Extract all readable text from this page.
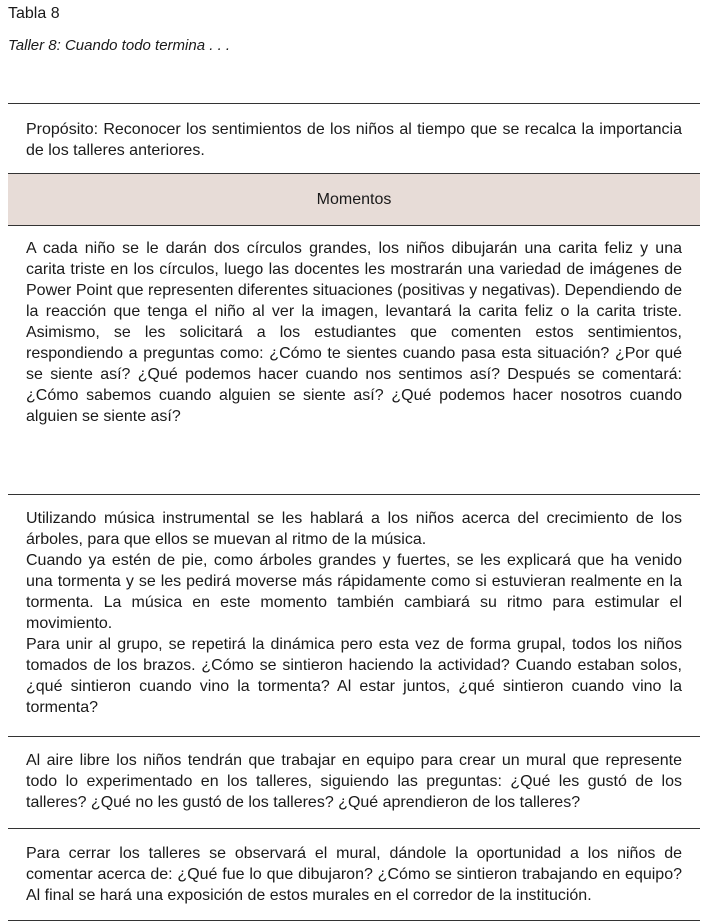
Tabla 8
Taller 8: Cuando todo termina . . .
Propósito: Reconocer los sentimientos de los niños al tiempo que se recalca la importancia de los talleres anteriores.
Momentos

A cada niño se le darán dos círculos grandes, los niños dibujarán una carita feliz y una carita triste en los círculos, luego las docentes les mostrarán una variedad de imágenes de Power Point que representen diferentes situaciones (positivas y negativas). Dependiendo de la reacción que tenga el niño al ver la imagen, levantará la carita feliz o la carita triste. Asimismo, se les solicitará a los estudiantes que comenten estos sentimientos, respondiendo a preguntas como: ¿Cómo te sientes cuando pasa esta situación? ¿Por qué se siente así? ¿Qué podemos hacer cuando nos sentimos así? Después se comentará: ¿Cómo sabemos cuando alguien se siente así? ¿Qué podemos hacer nosotros cuando alguien se siente así?

Utilizando música instrumental se les hablará a los niños acerca del crecimiento de los árboles, para que ellos se muevan al ritmo de la música.

Cuando ya estén de pie, como árboles grandes y fuertes, se les explicará que ha venido una tormenta y se les pedirá moverse más rápidamente como si estuvieran realmente en la tormenta. La música en este momento también cambiará su ritmo para estimular el movimiento.

Para unir al grupo, se repetirá la dinámica pero esta vez de forma grupal, todos los niños tomados de los brazos. ¿Cómo se sintieron haciendo la actividad? Cuando estaban solos, ¿qué sintieron cuando vino la tormenta? Al estar juntos, ¿qué sintieron cuando vino la tormenta?

Al aire libre los niños tendrán que trabajar en equipo para crear un mural que represente todo lo experimentado en los talleres, siguiendo las preguntas: ¿Qué les gustó de los talleres? ¿Qué no les gustó de los talleres? ¿Qué aprendieron de los talleres?

Para cerrar los talleres se observará el mural, dándole la oportunidad a los niños de comentar acerca de: ¿Qué fue lo que dibujaron? ¿Cómo se sintieron trabajando en equipo? Al final se hará una exposición de estos murales en el corredor de la institución.
